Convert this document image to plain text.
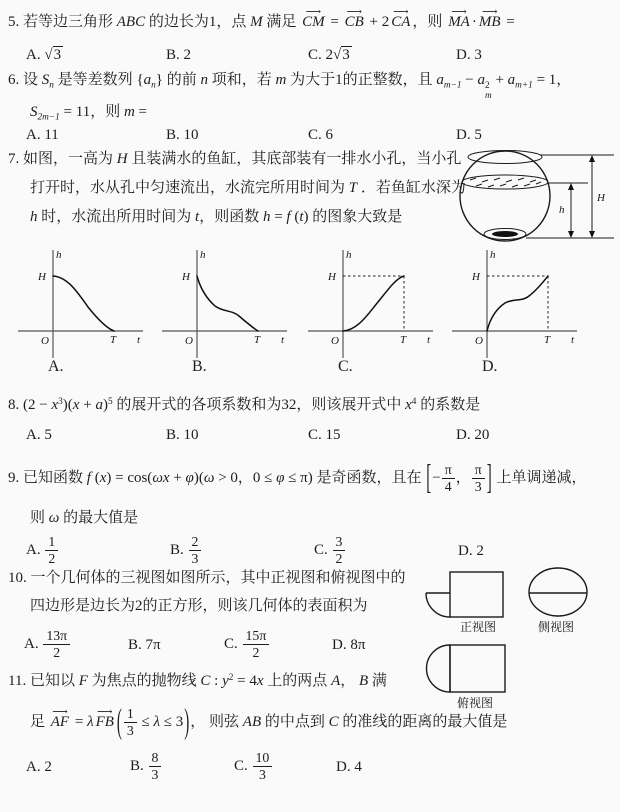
5. 若等边三角形 ABC 的边长为1，点 M 满足 CM ⟶ = CB ⟶ + 2 CA ⟶ ，则 MA ⟶ · MB ⟶ =
A. √3	B. 2	C. 2√3	D. 3
6. 设 $S_n$ 是等差数列 $\{a_n\}$ 的前 n 项和，若 m 为大于1的正整数，且 $a_{m-1} - a$ 2
m
+ $a_{m+1} = 1$，
$S_{2m-1} = 11$，则 m =
A. 11	B. 10	C. 6	D. 5
7. 如图，一高为 H 且装满水的鱼缸，其底部装有一排水小孔，当小孔
打开时，水从孔中匀速流出，水流完所用时间为 T ．若鱼缸水深为
h 时，水流出所用时间为 t，则函数 h = f (t) 的图象大致是
H
h
h
t
O
H
T
h
t
O
H
T
h
t
O
H
T
h
t
O
H
T
A.	B.	C.	D.
8. $(2 - x^3)(x + a)^5$ 的展开式的各项系数和为32，则该展开式中 $x^4$ 的系数是
A. 5	B. 10	C. 15	D. 20
9. 已知函数 f (x) = cos(ωx + φ)(ω > 0，0 ≤ φ ≤ π) 是奇函数，且在 [− $\frac{\pi}{4}$ ， $\frac{\pi}{3}$ ] 上单调递减，
则 ω 的最大值是
A. $\frac{1}{2}$	B. $\frac{2}{3}$	C. $\frac{3}{2}$	D. 2
10. 一个几何体的三视图如图所示，其中正视图和俯视图中的
四边形是边长为2的正方形，则该几何体的表面积为
A. $\frac{13\pi}{2}$	B. 7π	C. $\frac{15\pi}{2}$	D. 8π
正视图	侧视图
俯视图
11. 已知以 F 为焦点的抛物线 C : $y^2 = 4x$ 上的两点 A， B 满
足 AF ⟶ = λ FB ⟶ ( $\frac{1}{3} \le \lambda \le 3$)， 则弦 AB 的中点到 C 的准线的距离的最大值是
A. 2	B. $\frac{8}{3}$	C. $\frac{10}{3}$	D. 4
